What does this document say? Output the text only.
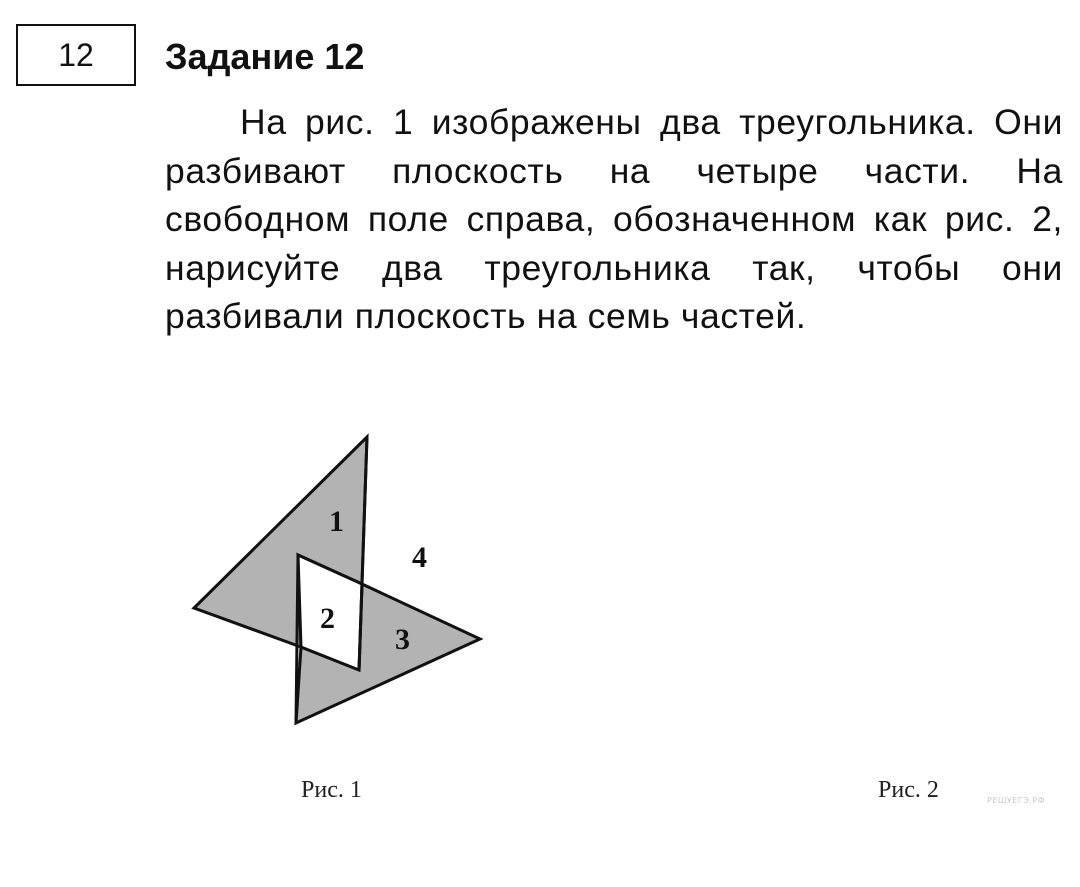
12 Задание 12

На рис. 1 изображены два треугольника. Они разбивают плоскость на четыре части. На свободном поле справа, обозначенном как рис. 2, нарисуйте два треугольника так, чтобы они разбивали плоскость на семь частей.

1
2
3
4
Рис. 1	Рис. 2	РЕШУЕГЭ.РФ
